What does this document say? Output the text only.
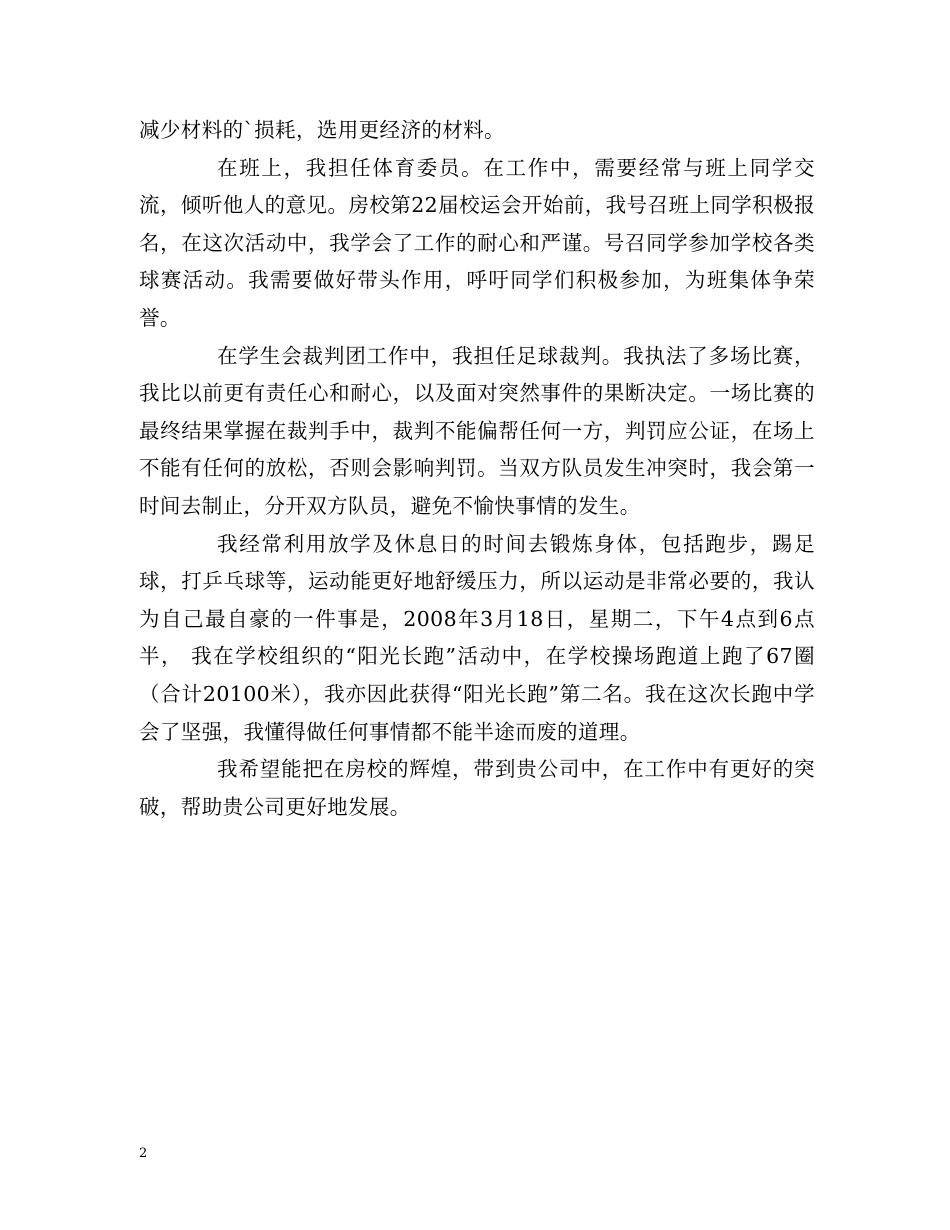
减少材料的`损耗，选用更经济的材料。

在班上，我担任体育委员。在工作中，需要经常与班上同学交流，倾听他人的意见。房校第22届校运会开始前，我号召班上同学积极报名，在这次活动中，我学会了工作的耐心和严谨。号召同学参加学校各类球赛活动。我需要做好带头作用，呼吁同学们积极参加，为班集体争荣誉。

在学生会裁判团工作中，我担任足球裁判。我执法了多场比赛，我比以前更有责任心和耐心，以及面对突然事件的果断决定。一场比赛的最终结果掌握在裁判手中，裁判不能偏帮任何一方，判罚应公证，在场上不能有任何的放松，否则会影响判罚。当双方队员发生冲突时，我会第一时间去制止，分开双方队员，避免不愉快事情的发生。

我经常利用放学及休息日的时间去锻炼身体，包括跑步，踢足球，打乒乓球等，运动能更好地舒缓压力，所以运动是非常必要的，我认为自己最自豪的一件事是，2008年3月18日，星期二，下午4点到6点半， 我在学校组织的“阳光长跑”活动中，在学校操场跑道上跑了67圈（合计20100米），我亦因此获得“阳光长跑”第二名。我在这次长跑中学会了坚强，我懂得做任何事情都不能半途而废的道理。

我希望能把在房校的辉煌，带到贵公司中，在工作中有更好的突破，帮助贵公司更好地发展。

2
